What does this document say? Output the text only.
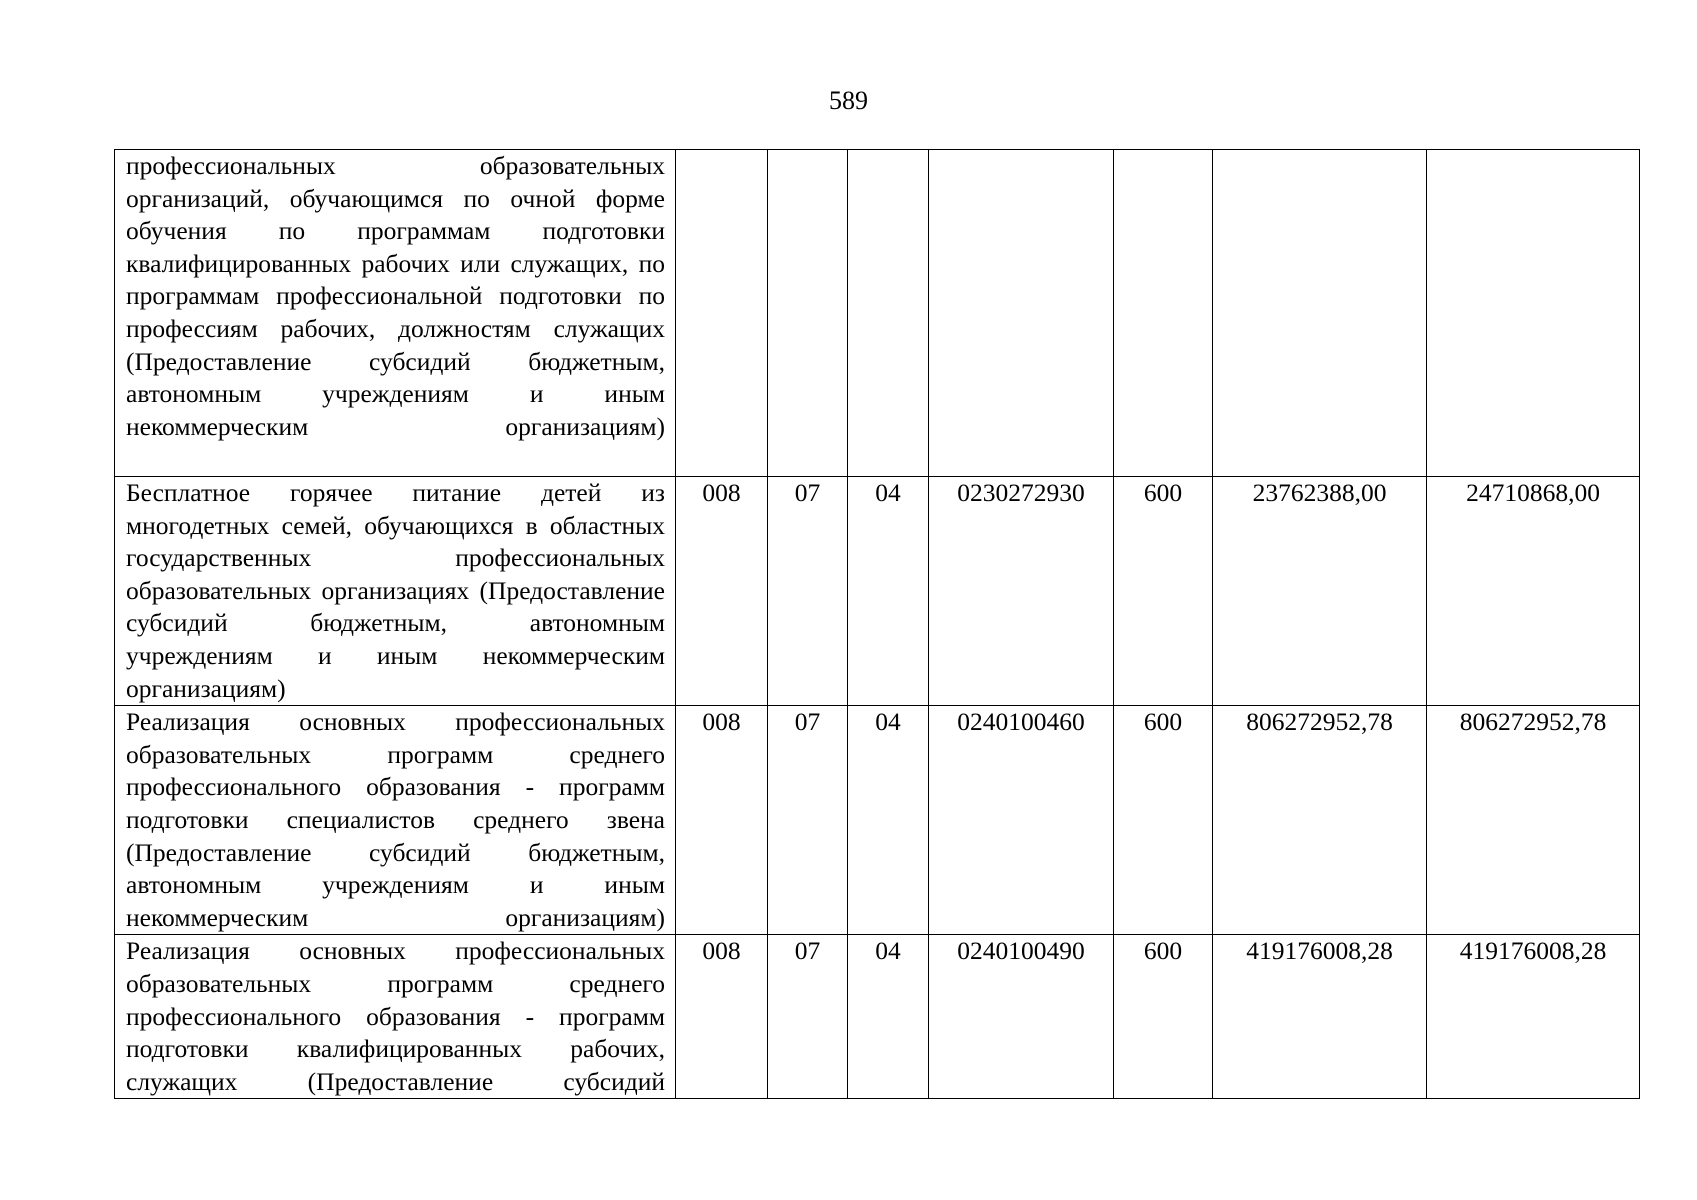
589
профессиональных образовательных организаций, обучающимся по очной форме обучения по программам подготовки квалифицированных рабочих или служащих, по программам профессиональной подготовки по профессиям рабочих, должностям служащих (Предоставление субсидий бюджетным, автономным учреждениям и иным некоммерческим организациям)							

Бесплатное горячее питание детей из многодетных семей, обучающихся в областных государственных профессиональных образовательных организациях (Предоставление субсидий бюджетным, автономным учреждениям и иным некоммерческим организациям)	008	07	04	0230272930	600	23762388,00	24710868,00

Реализация основных профессиональных образовательных программ среднего профессионального образования - программ подготовки специалистов среднего звена (Предоставление субсидий бюджетным, автономным учреждениям и иным некоммерческим организациям)	008	07	04	0240100460	600	806272952,78	806272952,78

Реализация основных профессиональных образовательных программ среднего профессионального образования - программ подготовки квалифицированных рабочих, служащих (Предоставление субсидий	008	07	04	0240100490	600	419176008,28	419176008,28
